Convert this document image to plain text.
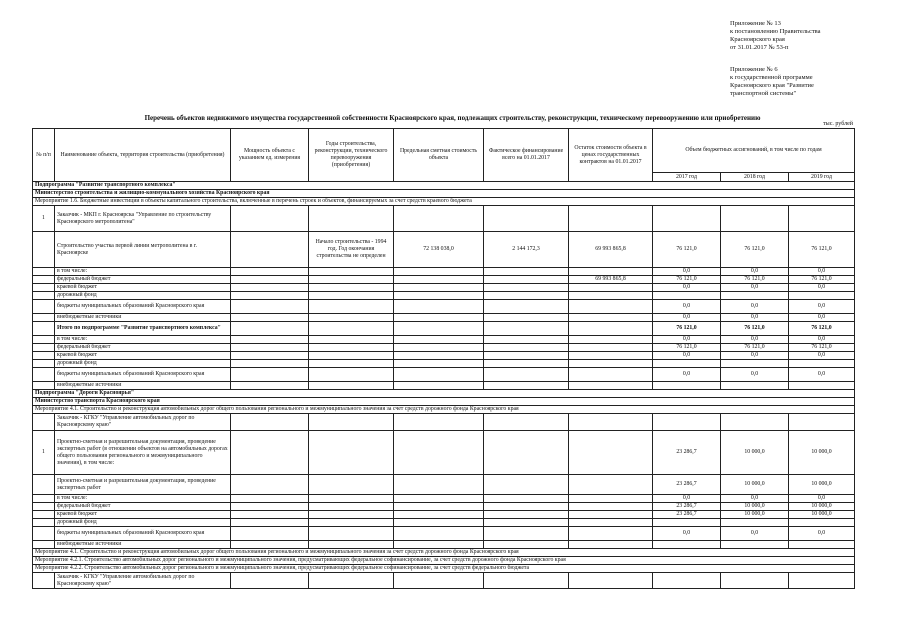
Приложение № 13
к постановлению Правительства
Красноярского края
от 31.01.2017 № 53-п
Приложение № 6
к государственной программе
Красноярского края "Развитие
транспортной системы"
Перечень объектов недвижимого имущества государственной собственности Красноярского края, подлежащих строительству, реконструкции, техническому перевооружению или приобретению
тыс. рублей
№ п/п	Наименование объекта, территория строительства (приобретения)	Мощность объекта с указанием ед. измерения	Годы строительства, реконструкции, технического перевооружения (приобретения)	Предельная сметная стоимость объекта	Фактическое финансирование всего на 01.01.2017	Остаток стоимости объекта в ценах государственных контрактов на 01.01.2017	Объем бюджетных ассигнований, в том числе по годам		
							2017 год	2018 год	2019 год
Подпрограмма "Развитие транспортного комплекса"									
Министерство строительства и жилищно-коммунального хозяйства Красноярского края									
Мероприятие 1.6. Бюджетные инвестиции в объекты капитального строительства, включенные в перечень строек и объектов, финансируемых за счет средств краевого бюджета									
1	Заказчик - МКП г. Красноярска "Управление по строительству Красноярского метрополитена"								
	Строительство участка первой линии метрополитена в г. Красноярске		Начало строительства - 1994 год. Год окончания строительства не определен	72 138 038,0	2 144 172,3	69 993 865,8	76 121,0	76 121,0	76 121,0
	в том числе:						0,0	0,0	0,0
	федеральный бюджет					69 993 865,8	76 121,0	76 121,0	76 121,0
	краевой бюджет						0,0	0,0	0,0
	дорожный фонд								
	бюджеты муниципальных образований Красноярского края						0,0	0,0	0,0
	внебюджетные источники						0,0	0,0	0,0
	Итого по подпрограмме "Развитие транспортного комплекса"						76 121,0	76 121,0	76 121,0
	в том числе:						0,0	0,0	0,0
	федеральный бюджет						76 121,0	76 121,0	76 121,0
	краевой бюджет						0,0	0,0	0,0
	дорожный фонд								
	бюджеты муниципальных образований Красноярского края						0,0	0,0	0,0
	внебюджетные источники								
Подпрограмма "Дороги Красноярья"									
Министерство транспорта Красноярского края									
Мероприятие 4.1. Строительство и реконструкция автомобильных дорог общего пользования регионального и межмуниципального значения за счет средств дорожного фонда Красноярского края									
	Заказчик - КГКУ "Управление автомобильных дорог по Красноярскому краю"								
1	Проектно-сметная и разрешительная документация, проведение экспертных работ (в отношении объектов на автомобильных дорогах общего пользования регионального и межмуниципального значения), в том числе:						23 286,7	10 000,0	10 000,0
	Проектно-сметная и разрешительная документация, проведение экспертных работ						23 286,7	10 000,0	10 000,0
	в том числе:						0,0	0,0	0,0
	федеральный бюджет						23 286,7	10 000,0	10 000,0
	краевой бюджет						23 286,7	10 000,0	10 000,0
	дорожный фонд								
	бюджеты муниципальных образований Красноярского края						0,0	0,0	0,0
	внебюджетные источники								
Мероприятие 4.1. Строительство и реконструкция автомобильных дорог общего пользования регионального и межмуниципального значения за счет средств дорожного фонда Красноярского края									
Мероприятие 4.2.1. Строительство автомобильных дорог регионального и межмуниципального значения, предусматривающих федеральное софинансирование, за счет средств дорожного фонда Красноярского края									
Мероприятие 4.2.2. Строительство автомобильных дорог регионального и межмуниципального значения, предусматривающих федеральное софинансирование, за счет средств федерального бюджета									
	Заказчик - КГКУ "Управление автомобильных дорог по Красноярскому краю"								
